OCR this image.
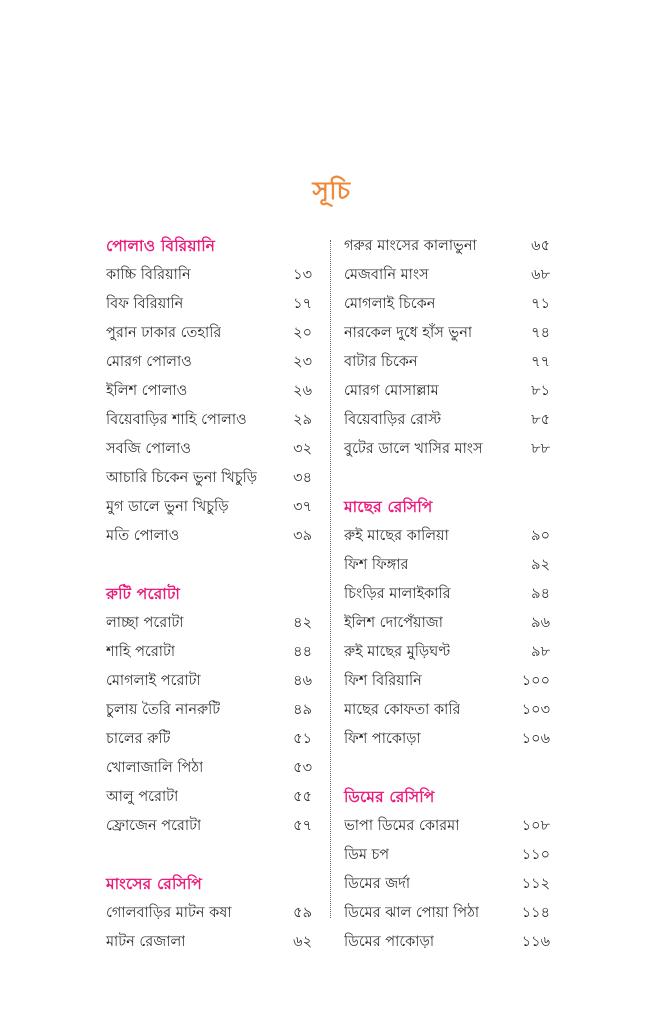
সূচি
পোলাও বিরিয়ানি
কাচ্চি বিরিয়ানি	১৩
বিফ বিরিয়ানি	১৭
পুরান ঢাকার তেহারি	২০
মোরগ পোলাও	২৩
ইলিশ পোলাও	২৬
বিয়েবাড়ির শাহি পোলাও	২৯
সবজি পোলাও	৩২
আচারি চিকেন ভুনা খিচুড়ি	৩৪
মুগ ডালে ভুনা খিচুড়ি	৩৭
মতি পোলাও	৩৯
রুটি পরোটা
লাচ্ছা পরোটা	৪২
শাহি পরোটা	৪৪
মোগলাই পরোটা	৪৬
চুলায় তৈরি নানরুটি	৪৯
চালের রুটি	৫১
খোলাজালি পিঠা	৫৩
আলু পরোটা	৫৫
ফ্রোজেন পরোটা	৫৭
মাংসের রেসিপি
গোলবাড়ির মাটন কষা	৫৯
মাটন রেজালা	৬২
গরুর মাংসের কালাভুনা	৬৫
মেজবানি মাংস	৬৮
মোগলাই চিকেন	৭১
নারকেল দুধে হাঁস ভুনা	৭৪
বাটার চিকেন	৭৭
মোরগ মোসাল্লাম	৮১
বিয়েবাড়ির রোস্ট	৮৫
বুটের ডালে খাসির মাংস	৮৮
মাছের রেসিপি
রুই মাছের কালিয়া	৯০
ফিশ ফিঙ্গার	৯২
চিংড়ির মালাইকারি	৯৪
ইলিশ দোপেঁয়াজা	৯৬
রুই মাছের মুড়িঘণ্ট	৯৮
ফিশ বিরিয়ানি	১০০
মাছের কোফতা কারি	১০৩
ফিশ পাকোড়া	১০৬
ডিমের রেসিপি
ভাপা ডিমের কোরমা	১০৮
ডিম চপ	১১০
ডিমের জর্দা	১১২
ডিমের ঝাল পোয়া পিঠা	১১৪
ডিমের পাকোড়া	১১৬
